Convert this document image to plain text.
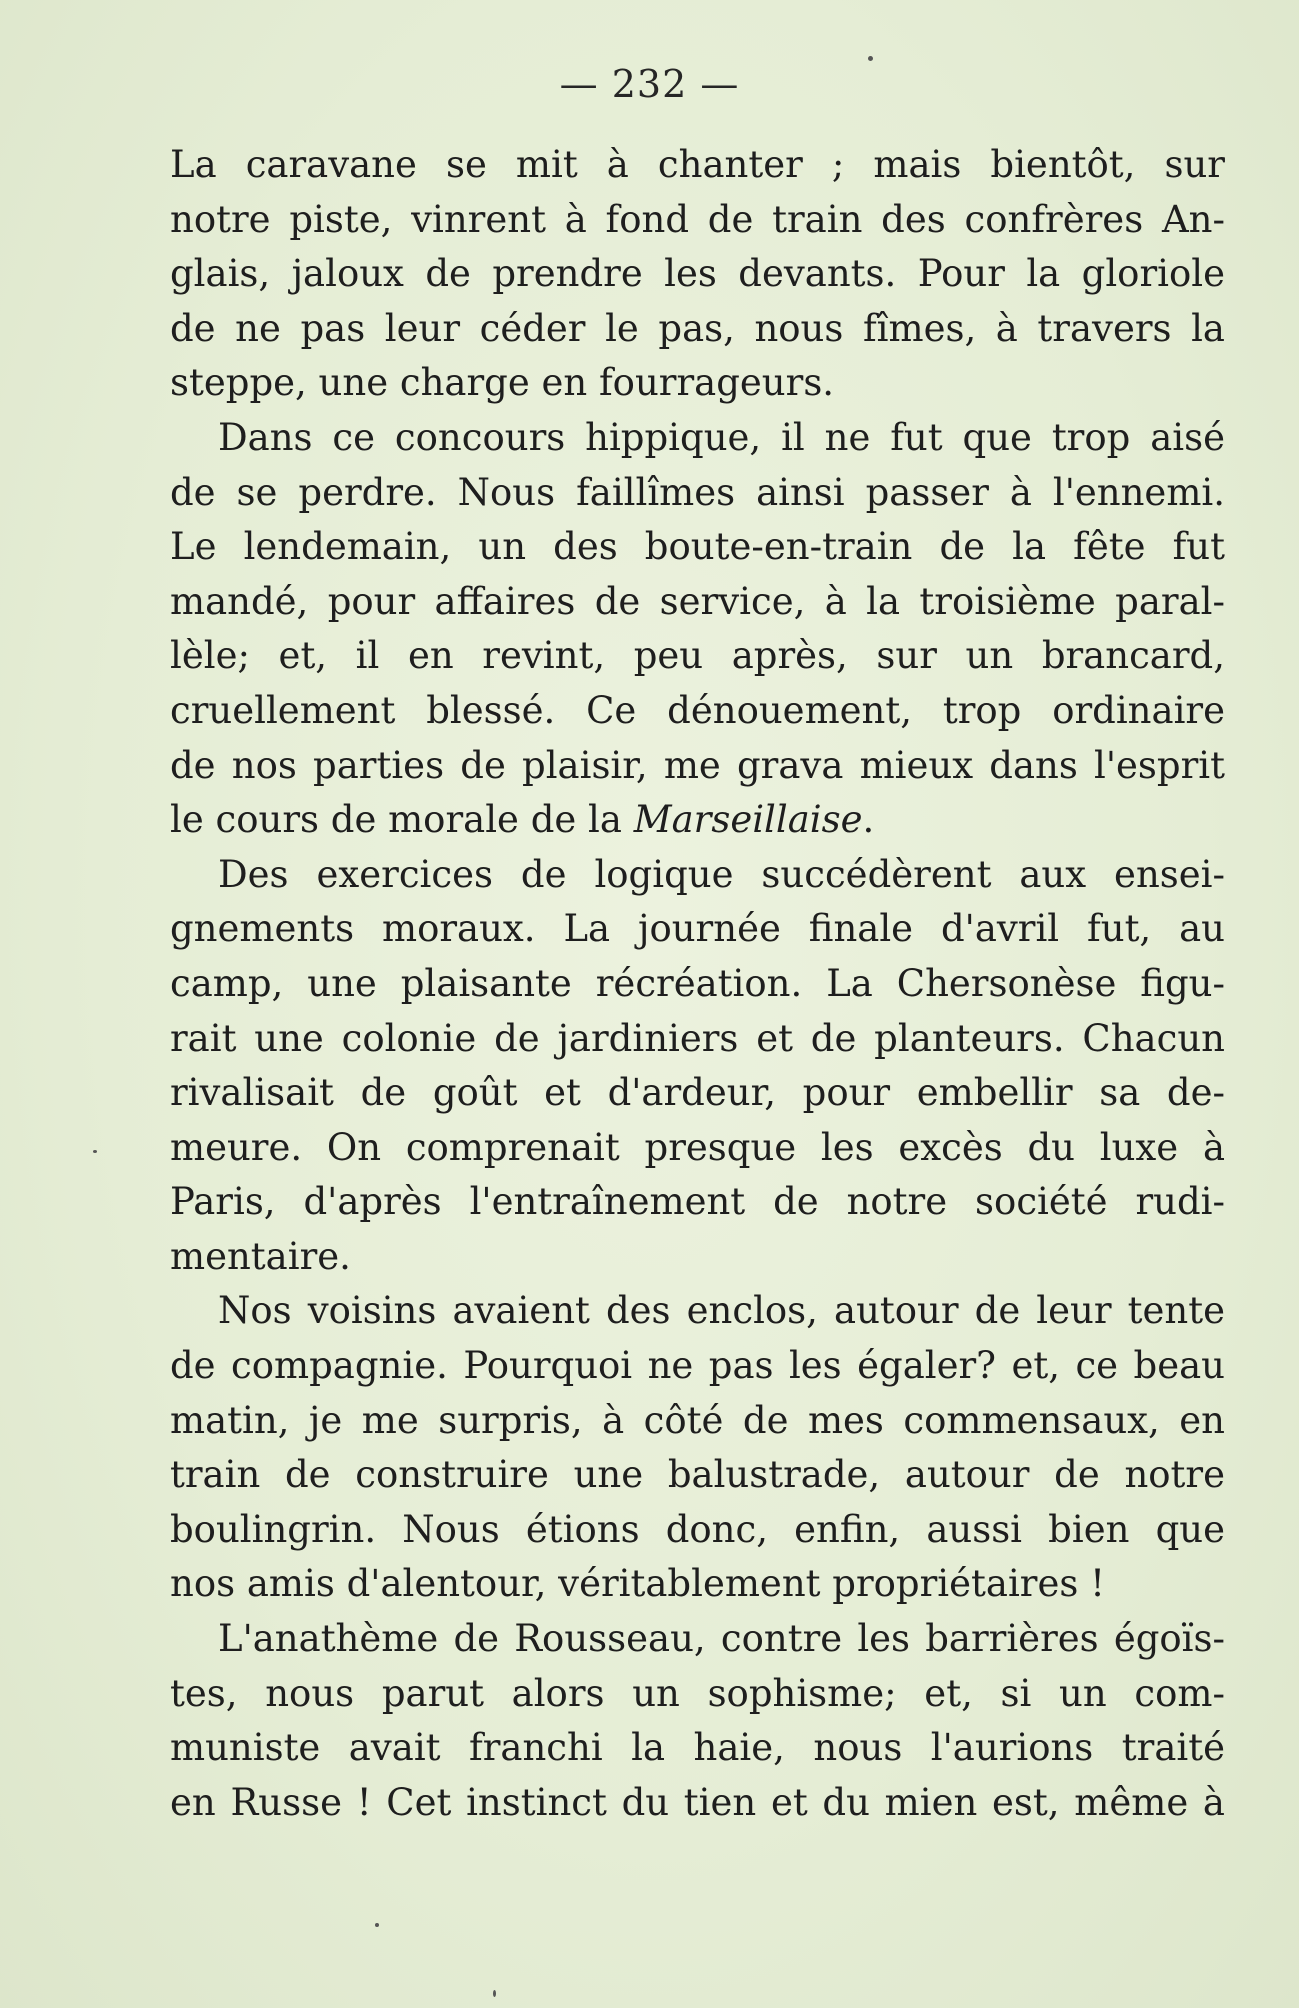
— 232 —
La caravane se mit à chanter ; mais bientôt, sur
notre piste, vinrent à fond de train des confrères An-
glais, jaloux de prendre les devants. Pour la gloriole
de ne pas leur céder le pas, nous fîmes, à travers la
steppe, une charge en fourrageurs.
Dans ce concours hippique, il ne fut que trop aisé
de se perdre. Nous faillîmes ainsi passer à l'ennemi.
Le lendemain, un des boute-en-train de la fête fut
mandé, pour affaires de service, à la troisième paral-
lèle; et, il en revint, peu après, sur un brancard,
cruellement blessé. Ce dénouement, trop ordinaire
de nos parties de plaisir, me grava mieux dans l'esprit
le cours de morale de la Marseillaise.
Des exercices de logique succédèrent aux ensei-
gnements moraux. La journée finale d'avril fut, au
camp, une plaisante récréation. La Chersonèse figu-
rait une colonie de jardiniers et de planteurs. Chacun
rivalisait de goût et d'ardeur, pour embellir sa de-
meure. On comprenait presque les excès du luxe à
Paris, d'après l'entraînement de notre société rudi-
mentaire.
Nos voisins avaient des enclos, autour de leur tente
de compagnie. Pourquoi ne pas les égaler? et, ce beau
matin, je me surpris, à côté de mes commensaux, en
train de construire une balustrade, autour de notre
boulingrin. Nous étions donc, enfin, aussi bien que
nos amis d'alentour, véritablement propriétaires !
L'anathème de Rousseau, contre les barrières égoïs-
tes, nous parut alors un sophisme; et, si un com-
muniste avait franchi la haie, nous l'aurions traité
en Russe ! Cet instinct du tien et du mien est, même à
